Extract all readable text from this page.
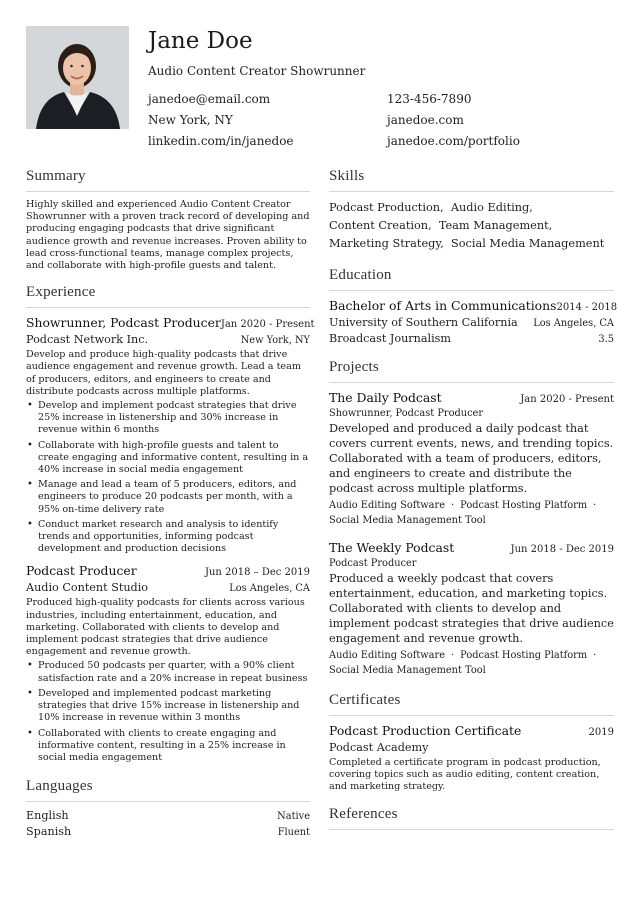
Jane Doe
Audio Content Creator Showrunner
janedoe@email.com	123-456-7890
New York, NY	janedoe.com
linkedin.com/in/janedoe	janedoe.com/portfolio
Summary
Highly skilled and experienced Audio Content Creator Showrunner with a proven track record of developing and producing engaging podcasts that drive significant audience growth and revenue increases. Proven ability to lead cross-functional teams, manage complex projects, and collaborate with high-profile guests and talent.
Experience
Showrunner, Podcast Producer Jan 2020 - Present
Podcast Network Inc.	New York, NY
Develop and produce high-quality podcasts that drive audience engagement and revenue growth. Lead a team of producers, editors, and engineers to create and distribute podcasts across multiple platforms.
• Develop and implement podcast strategies that drive 25% increase in listenership and 30% increase in revenue within 6 months
• Collaborate with high-profile guests and talent to create engaging and informative content, resulting in a 40% increase in social media engagement
• Manage and lead a team of 5 producers, editors, and engineers to produce 20 podcasts per month, with a 95% on-time delivery rate
• Conduct market research and analysis to identify trends and opportunities, informing podcast development and production decisions
Podcast Producer	Jun 2018 – Dec 2019
Audio Content Studio	Los Angeles, CA
Produced high-quality podcasts for clients across various industries, including entertainment, education, and marketing. Collaborated with clients to develop and implement podcast strategies that drive audience engagement and revenue growth.
• Produced 50 podcasts per quarter, with a 90% client satisfaction rate and a 20% increase in repeat business
• Developed and implemented podcast marketing strategies that drive 15% increase in listenership and 10% increase in revenue within 3 months
• Collaborated with clients to create engaging and informative content, resulting in a 25% increase in social media engagement
Languages
English	Native
Spanish	Fluent
Skills
Podcast Production, Audio Editing,
Content Creation, Team Management,
Marketing Strategy, Social Media Management
Education
Bachelor of Arts in Communications 2014 - 2018
University of Southern California Los Angeles, CA
Broadcast Journalism	3.5
Projects
The Daily Podcast	Jan 2020 - Present
Showrunner, Podcast Producer
Developed and produced a daily podcast that covers current events, news, and trending topics. Collaborated with a team of producers, editors, and engineers to create and distribute the podcast across multiple platforms.
Audio Editing Software · Podcast Hosting Platform ·
Social Media Management Tool
The Weekly Podcast	Jun 2018 - Dec 2019
Podcast Producer
Produced a weekly podcast that covers entertainment, education, and marketing topics. Collaborated with clients to develop and implement podcast strategies that drive audience engagement and revenue growth.
Audio Editing Software · Podcast Hosting Platform ·
Social Media Management Tool
Certificates
Podcast Production Certificate	2019
Podcast Academy
Completed a certificate program in podcast production, covering topics such as audio editing, content creation, and marketing strategy.
References
